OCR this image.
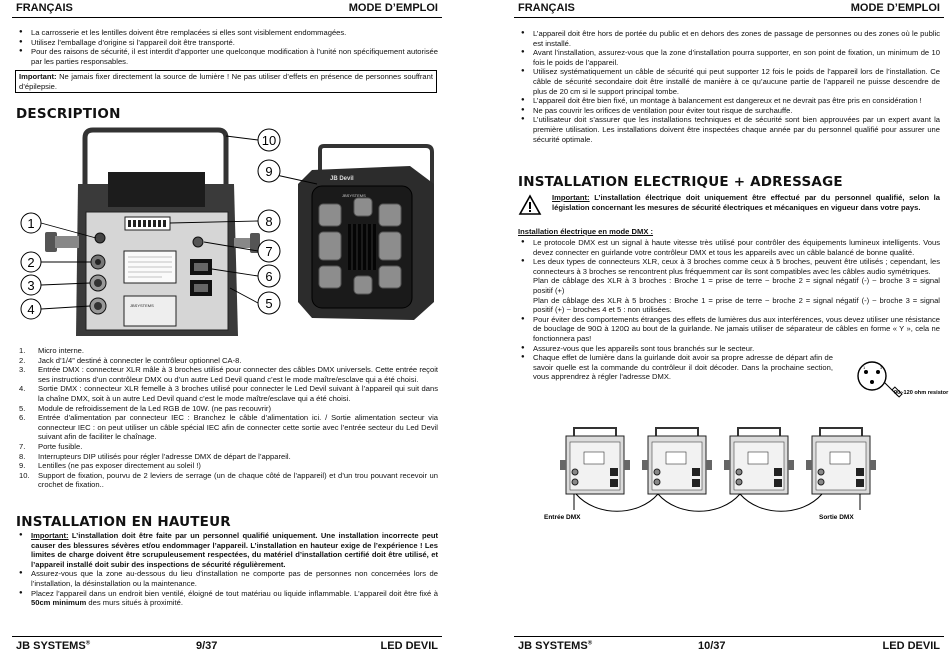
FRANÇAIS	MODE D’EMPLOI
● La carrosserie et les lentilles doivent être remplacées si elles sont visiblement endommagées.
● Utilisez l’emballage d’origine si l’appareil doit être transporté.
● Pour des raisons de sécurité, il est interdit d’apporter une quelconque modification à l’unité non spécifiquement autorisée par les parties responsables.
Important: Ne jamais fixer directement la source de lumière ! Ne pas utiliser d’effets en présence de personnes souffrant d’épilepsie.
DESCRIPTION
JBSYSTEMS
JB Devil
JBSYSTEMS
1
2
3
4	5
6
7
8
9
10
1. Micro interne.
2. Jack d’1/4” destiné à connecter le contrôleur optionnel CA-8.
3. Entrée DMX : connecteur XLR mâle à 3 broches utilisé pour connecter des câbles DMX universels. Cette entrée reçoit ses instructions d’un contrôleur DMX ou d’un autre Led Devil quand c’est le mode maître/esclave qui a été choisi.
4. Sortie DMX : connecteur XLR femelle à 3 broches utilisé pour connecter le Led Devil suivant à l’appareil qui suit dans la chaîne DMX, soit à un autre Led Devil quand c’est le mode maître/esclave qui a été choisi.
5. Module de refroidissement de la Led RGB de 10W. (ne pas recouvrir)
6. Entrée d’alimentation par connecteur IEC : Branchez le câble d’alimentation ici. / Sortie alimentation secteur via connecteur IEC : on peut utiliser un câble spécial IEC afin de connecter cette sortie avec l’entrée secteur du Led Devil suivant afin de faciliter le chaînage.
7. Porte fusible.
8. Interrupteurs DIP utilisés pour régler l’adresse DMX de départ de l’appareil.
9. Lentilles (ne pas exposer directement au soleil !)
10. Support de fixation, pourvu de 2 leviers de serrage (un de chaque côté de l’appareil) et d’un trou pouvant recevoir un crochet de fixation..
INSTALLATION EN HAUTEUR
● Important: L’installation doit être faite par un personnel qualifié uniquement. Une installation incorrecte peut causer des blessures sévères et/ou endommager l’appareil. L’installation en hauteur exige de l’expérience ! Les limites de charge doivent être scrupuleusement respectées, du matériel d’installation certifié doit être utilisé, et l’appareil installé doit subir des inspections de sécurité régulièrement.
● Assurez-vous que la zone au-dessous du lieu d’installation ne comporte pas de personnes non concernées lors de l’installation, la désinstallation ou la maintenance.
● Placez l’appareil dans un endroit bien ventilé, éloigné de tout matériau ou liquide inflammable. L’appareil doit être fixé à 50cm minimum des murs situés à proximité.
JB SYSTEMS®	9/37	LED DEVIL
FRANÇAIS	MODE D’EMPLOI
● L’appareil doit être hors de portée du public et en dehors des zones de passage de personnes ou des zones où le public est installé.
● Avant l’installation, assurez-vous que la zone d’installation pourra supporter, en son point de fixation, un minimum de 10 fois le poids de l’appareil.
● Utilisez systématiquement un câble de sécurité qui peut supporter 12 fois le poids de l’appareil lors de l’installation. Ce câble de sécurité secondaire doit être installé de manière à ce qu’aucune partie de l’appareil ne puisse descendre de plus de 20 cm si le support principal tombe.
● L’appareil doit être bien fixé, un montage à balancement est dangereux et ne devrait pas être pris en considération !
● Ne pas couvrir les orifices de ventilation pour éviter tout risque de surchauffe.
● L’utilisateur doit s’assurer que les installations techniques et de sécurité sont bien approuvées par un expert avant la première utilisation. Les installations doivent être inspectées chaque année par du personnel qualifié pour assurer une sécurité optimale.
INSTALLATION ELECTRIQUE + ADRESSAGE
Important: L’installation électrique doit uniquement être effectué par du personnel qualifié, selon la législation concernant les mesures de sécurité électriques et mécaniques en vigueur dans votre pays.
Installation électrique en mode DMX :
● Le protocole DMX est un signal à haute vitesse très utilisé pour contrôler des équipements lumineux intelligents. Vous devez connecter en guirlande votre contrôleur DMX et tous les appareils avec un câble balancé de bonne qualité.
● Les deux types de connecteurs XLR, ceux à 3 broches comme ceux à 5 broches, peuvent être utilisés ; cependant, les connecteurs à 3 broches se rencontrent plus fréquemment car ils sont compatibles avec les câbles audio symétriques.
Plan de câblage des XLR à 3 broches : Broche 1 = prise de terre ~ broche 2 = signal négatif (-) ~ broche 3 = signal positif (+)
Plan de câblage des XLR à 5 broches : Broche 1 = prise de terre ~ broche 2 = signal négatif (-) ~ broche 3 = signal positif (+) ~ broches 4 et 5 : non utilisées.
● Pour éviter des comportements étranges des effets de lumières dus aux interférences, vous devez utiliser une résistance de bouclage de 90Ω à 120Ω au bout de la guirlande. Ne jamais utiliser de séparateur de câbles en forme « Y », cela ne fonctionnera pas!
● Assurez-vous que les appareils sont tous branchés sur le secteur.
● Chaque effet de lumière dans la guirlande doit avoir sa propre adresse de départ afin de savoir quelle est la commande du contrôleur il doit décoder. Dans la prochaine section, vous apprendrez à régler l’adresse DMX.
1	3
90~120 ohm resistor
Entrée DMX	Sortie DMX
JB SYSTEMS®	10/37	LED DEVIL
